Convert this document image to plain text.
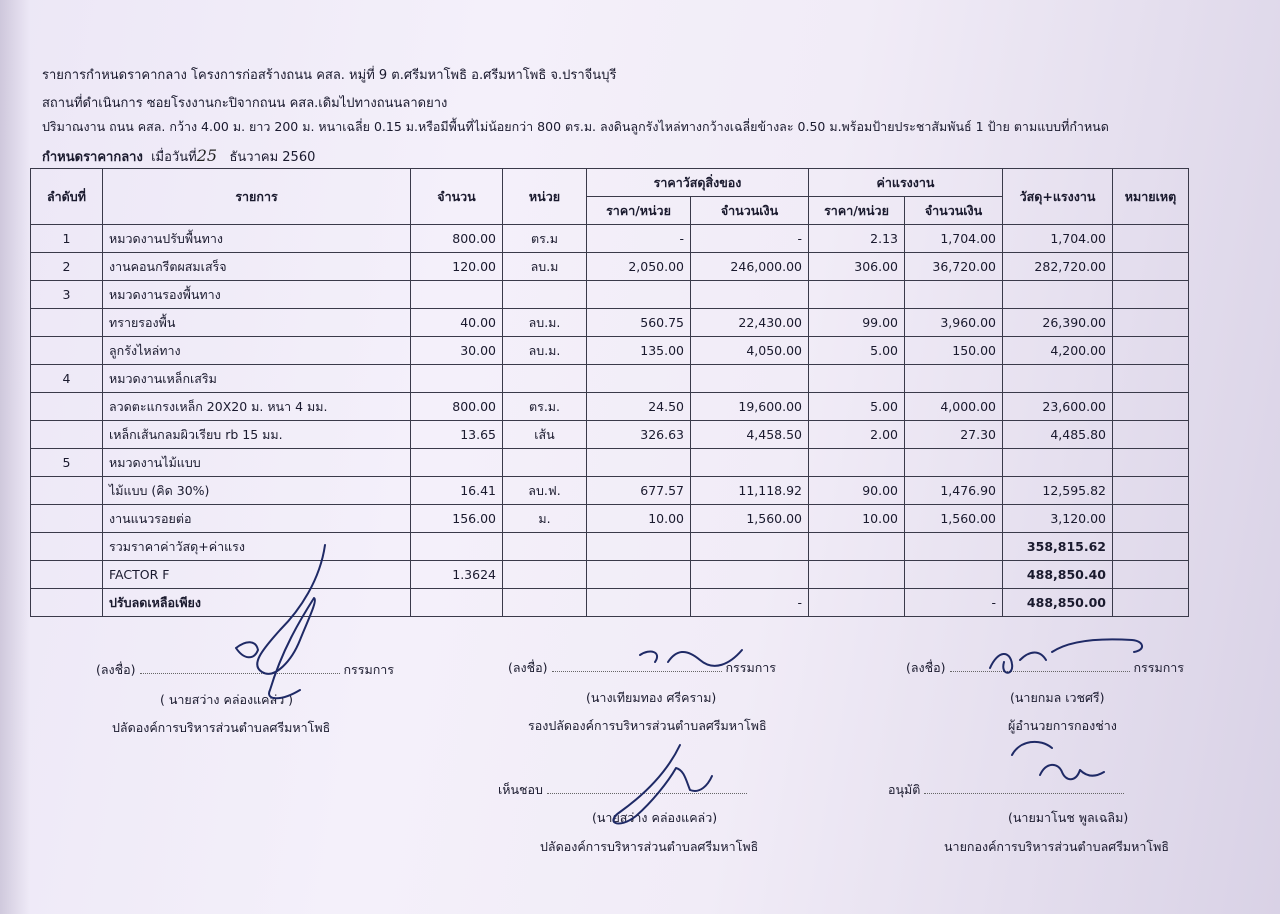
รายการกำหนดราคากลาง โครงการก่อสร้างถนน คสล. หมู่ที่ 9 ต.ศรีมหาโพธิ อ.ศรีมหาโพธิ จ.ปราจีนบุรี
สถานที่ดำเนินการ ซอยโรงงานกะปิจากถนน คสล.เดิมไปทางถนนลาดยาง
ปริมาณงาน ถนน คสล. กว้าง 4.00 ม. ยาว 200 ม. หนาเฉลี่ย 0.15 ม.หรือมีพื้นที่ไม่น้อยกว่า 800 ตร.ม. ลงดินลูกรังไหล่ทางกว้างเฉลี่ยข้างละ 0.50 ม.พร้อมป้ายประชาสัมพันธ์ 1 ป้าย ตามแบบที่กำหนด
กำหนดราคากลาง เมื่อวันที่25 ธันวาคม 2560
ลำดับที่	รายการ	จำนวน	หน่วย	ราคาวัสดุสิ่งของ		ค่าแรงงาน		วัสดุ+แรงงาน	หมายเหตุ
				ราคา/หน่วย	จำนวนเงิน	ราคา/หน่วย	จำนวนเงิน		
1	หมวดงานปรับพื้นทาง	800.00	ตร.ม	-	-	2.13	1,704.00	1,704.00	
2	งานคอนกรีตผสมเสร็จ	120.00	ลบ.ม	2,050.00	246,000.00	306.00	36,720.00	282,720.00	
3	หมวดงานรองพื้นทาง								
	ทรายรองพื้น	40.00	ลบ.ม.	560.75	22,430.00	99.00	3,960.00	26,390.00	
	ลูกรังไหล่ทาง	30.00	ลบ.ม.	135.00	4,050.00	5.00	150.00	4,200.00	
4	หมวดงานเหล็กเสริม								
	ลวดตะแกรงเหล็ก 20X20 ม. หนา 4 มม.	800.00	ตร.ม.	24.50	19,600.00	5.00	4,000.00	23,600.00	
	เหล็กเส้นกลมผิวเรียบ rb 15 มม.	13.65	เส้น	326.63	4,458.50	2.00	27.30	4,485.80	
5	หมวดงานไม้แบบ								
	ไม้แบบ (คิด 30%)	16.41	ลบ.ฟ.	677.57	11,118.92	90.00	1,476.90	12,595.82	
	งานแนวรอยต่อ	156.00	ม.	10.00	1,560.00	10.00	1,560.00	3,120.00	
	รวมราคาค่าวัสดุ+ค่าแรง							358,815.62	
	FACTOR F	1.3624						488,850.40	
	ปรับลดเหลือเพียง				-		-	488,850.00	
(ลงชื่อ)	กรรมการ
( นายสว่าง คล่องแคล่ว )
ปลัดองค์การบริหารส่วนตำบลศรีมหาโพธิ
(ลงชื่อ)	กรรมการ
(นางเทียมทอง ศรีคราม)
รองปลัดองค์การบริหารส่วนตำบลศรีมหาโพธิ
(ลงชื่อ)	กรรมการ
(นายกมล เวชศรี)
ผู้อำนวยการกองช่าง
เห็นชอบ
(นายสว่าง คล่องแคล่ว)
ปลัดองค์การบริหารส่วนตำบลศรีมหาโพธิ
อนุมัติ
(นายมาโนช พูลเฉลิม)
นายกองค์การบริหารส่วนตำบลศรีมหาโพธิ
